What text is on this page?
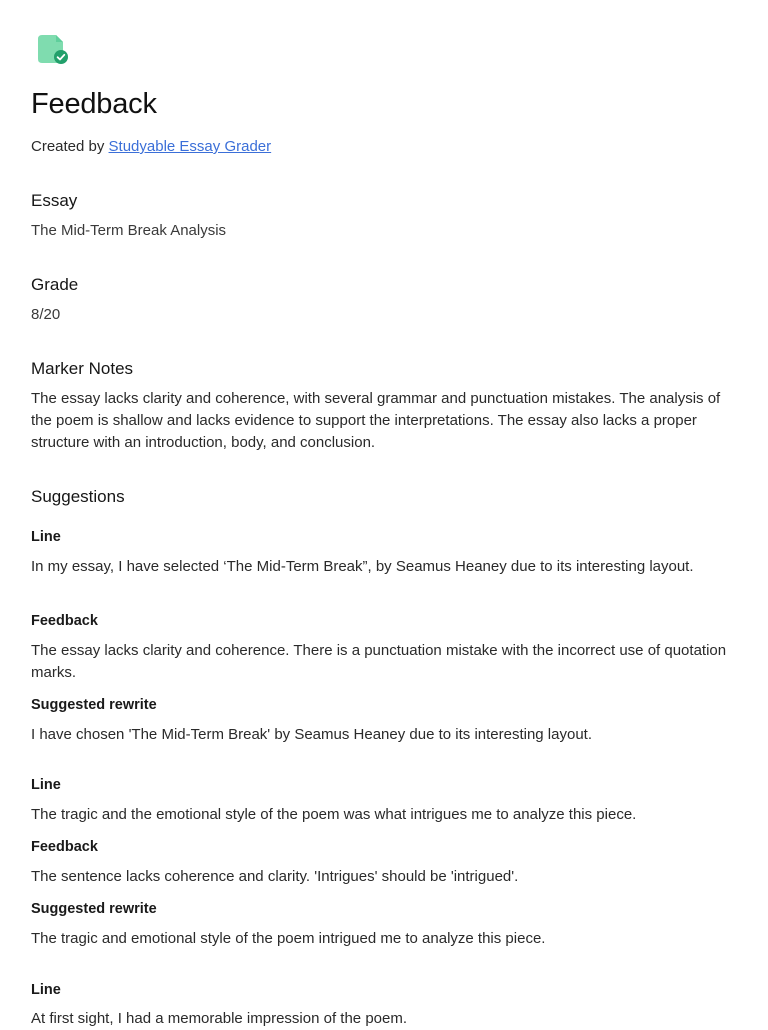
Feedback
Created by Studyable Essay Grader
Essay
The Mid-Term Break Analysis
Grade
8/20
Marker Notes
The essay lacks clarity and coherence, with several grammar and punctuation mistakes. The analysis of the poem is shallow and lacks evidence to support the interpretations. The essay also lacks a proper structure with an introduction, body, and conclusion.
Suggestions
Line
In my essay, I have selected ‘The Mid-Term Break”, by Seamus Heaney due to its interesting layout.
Feedback
The essay lacks clarity and coherence. There is a punctuation mistake with the incorrect use of quotation marks.
Suggested rewrite
I have chosen 'The Mid-Term Break' by Seamus Heaney due to its interesting layout.
Line
The tragic and the emotional style of the poem was what intrigues me to analyze this piece.
Feedback
The sentence lacks coherence and clarity. 'Intrigues' should be 'intrigued'.
Suggested rewrite
The tragic and emotional style of the poem intrigued me to analyze this piece.
Line
At first sight, I had a memorable impression of the poem.
